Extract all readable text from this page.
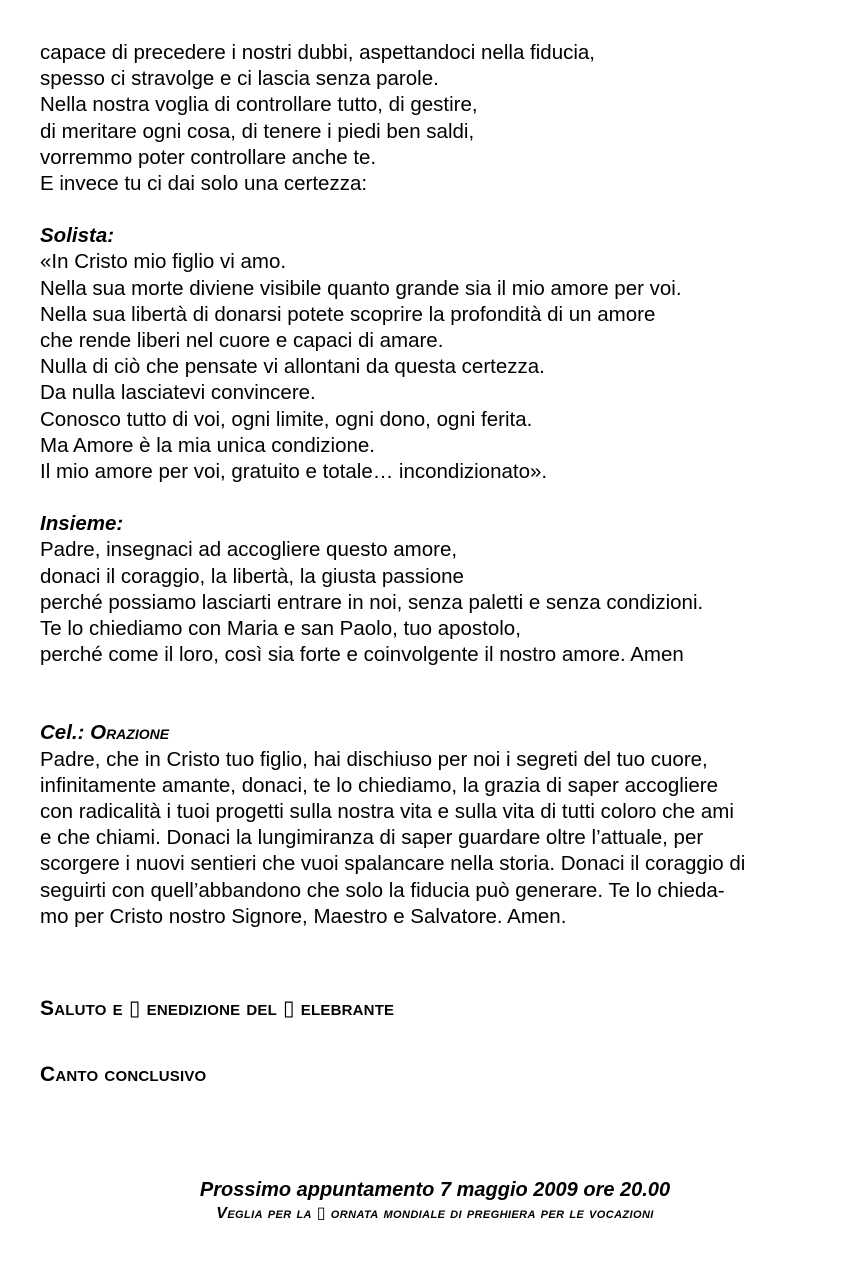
capace di precedere i nostri dubbi, aspettandoci nella fiducia,
spesso ci stravolge e ci lascia senza parole.
Nella nostra voglia di controllare tutto, di gestire,
di meritare ogni cosa, di tenere i piedi ben saldi,
vorremmo poter controllare anche te.
E invece tu ci dai solo una certezza:
Solista:
«In Cristo mio figlio vi amo.
Nella sua morte diviene visibile quanto grande sia il mio amore per voi.
Nella sua libertà di donarsi potete scoprire la profondità di un amore
che rende liberi nel cuore e capaci di amare.
Nulla di ciò che pensate vi allontani da questa certezza.
Da nulla lasciatevi convincere.
Conosco tutto di voi, ogni limite, ogni dono, ogni ferita.
Ma Amore è la mia unica condizione.
Il mio amore per voi, gratuito e totale… incondizionato».
Insieme:
Padre, insegnaci ad accogliere questo amore,
donaci il coraggio, la libertà, la giusta passione
perché possiamo lasciarti entrare in noi, senza paletti e senza condizioni.
Te lo chiediamo con Maria e san Paolo, tuo apostolo,
perché come il loro, così sia forte e coinvolgente il nostro amore. Amen
Cel.: Orazione
Padre, che in Cristo tuo figlio, hai dischiuso per noi i segreti del tuo cuore,
infinitamente amante, donaci, te lo chiediamo, la grazia di saper accogliere
con radicalità i tuoi progetti sulla nostra vita e sulla vita di tutti coloro che ami
e che chiami. Donaci la lungimiranza di saper guardare oltre l’attuale, per
scorgere i nuovi sentieri che vuoi spalancare nella storia. Donaci il coraggio di
seguirti con quell’abbandono che solo la fiducia può generare. Te lo chieda-
mo per Cristo nostro Signore, Maestro e Salvatore. Amen.
Saluto e ▯ enedizione del ▯ elebrante
Canto conclusivo
Prossimo appuntamento 7 maggio 2009 ore 20.00
Veglia per la ▯ ornata mondiale di preghiera per le vocazioni
